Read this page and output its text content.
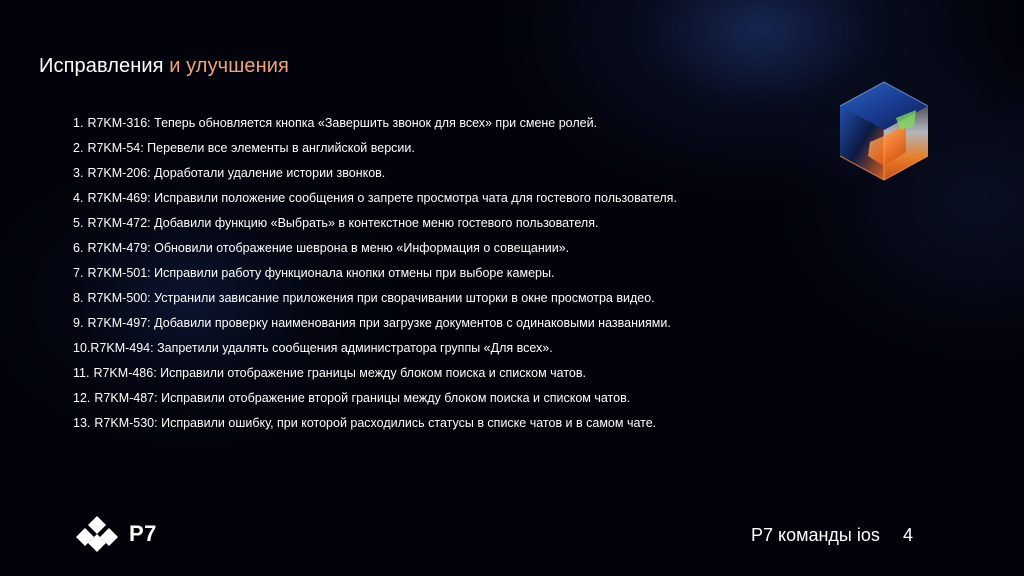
Исправления и улучшения
1. R7KM-316: Теперь обновляется кнопка «Завершить звонок для всех» при смене ролей.
2. R7KM-54: Перевели все элементы в английской версии.
3. R7KM-206: Доработали удаление истории звонков.
4. R7KM-469: Исправили положение сообщения о запрете просмотра чата для гостевого пользователя.
5. R7KM-472: Добавили функцию «Выбрать» в контекстное меню гостевого пользователя.
6. R7KM-479: Обновили отображение шеврона в меню «Информация о совещании».
7. R7KM-501: Исправили работу функционала кнопки отмены при выборе камеры.
8. R7KM-500: Устранили зависание приложения при сворачивании шторки в окне просмотра видео.
9. R7KM-497: Добавили проверку наименования при загрузке документов с одинаковыми названиями.
10.R7KM-494: Запретили удалять сообщения администратора группы «Для всех».
11. R7KM-486: Исправили отображение границы между блоком поиска и списком чатов.
12. R7KM-487: Исправили отображение второй границы между блоком поиска и списком чатов.
13. R7KM-530: Исправили ошибку, при которой расходились статусы в списке чатов и в самом чате.
Р7	Р7 команды ios 4
